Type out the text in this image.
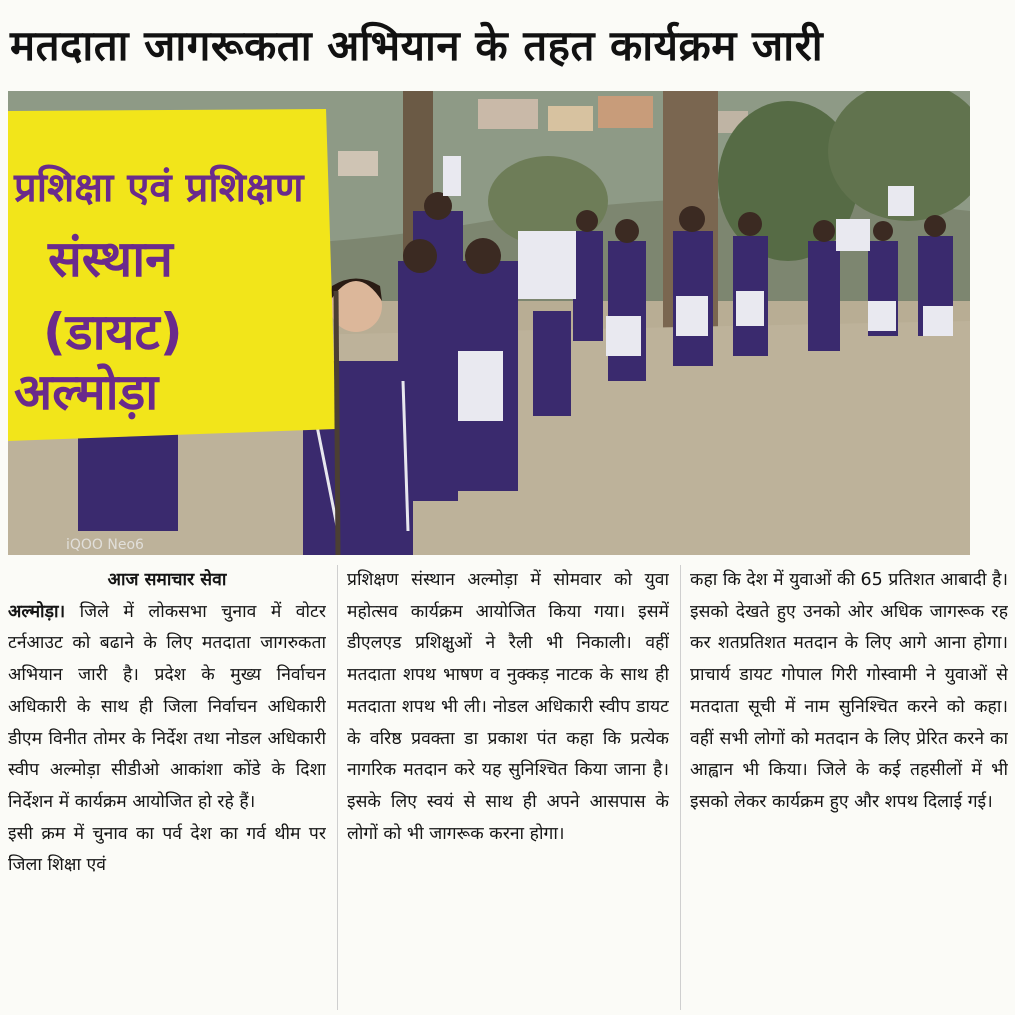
मतदाता जागरूकता अभियान के तहत कार्यक्रम जारी
प्रशिक्षा एवं प्रशिक्षण
संस्थान
(डायट)
अल्मोड़ा
iQOO Neo6
आज समाचार सेवा

अल्मोड़ा। जिले में लोकसभा चुनाव में वोटर टर्नआउट को बढाने के लिए मतदाता जागरुकता अभियान जारी है। प्रदेश के मुख्य निर्वाचन अधिकारी के साथ ही जिला निर्वाचन अधिकारी डीएम विनीत तोमर के निर्देश तथा नोडल अधिकारी स्वीप अल्मोड़ा सीडीओ आकांशा कोंडे के दिशा निर्देशन में कार्यक्रम आयोजित हो रहे हैं।

इसी क्रम में चुनाव का पर्व देश का गर्व थीम पर जिला शिक्षा एवं

प्रशिक्षण संस्थान अल्मोड़ा में सोमवार को युवा महोत्सव कार्यक्रम आयोजित किया गया। इसमें डीएलएड प्रशिक्षुओं ने रैली भी निकाली। वहीं मतदाता शपथ भाषण व नुक्कड़ नाटक के साथ ही मतदाता शपथ भी ली। नोडल अधिकारी स्वीप डायट के वरिष्ठ प्रवक्ता डा प्रकाश पंत कहा कि प्रत्येक नागरिक मतदान करे यह सुनिश्चित किया जाना है। इसके लिए स्वयं से साथ ही अपने आसपास के लोगों को भी जागरूक करना होगा।

कहा कि देश में युवाओं की 65 प्रतिशत आबादी है। इसको देखते हुए उनको ओर अधिक जागरूक रह कर शतप्रतिशत मतदान के लिए आगे आना होगा। प्राचार्य डायट गोपाल गिरी गोस्वामी ने युवाओं से मतदाता सूची में नाम सुनिश्चित करने को कहा। वहीं सभी लोगों को मतदान के लिए प्रेरित करने का आह्वान भी किया। जिले के कई तहसीलों में भी इसको लेकर कार्यक्रम हुए और शपथ दिलाई गई।
